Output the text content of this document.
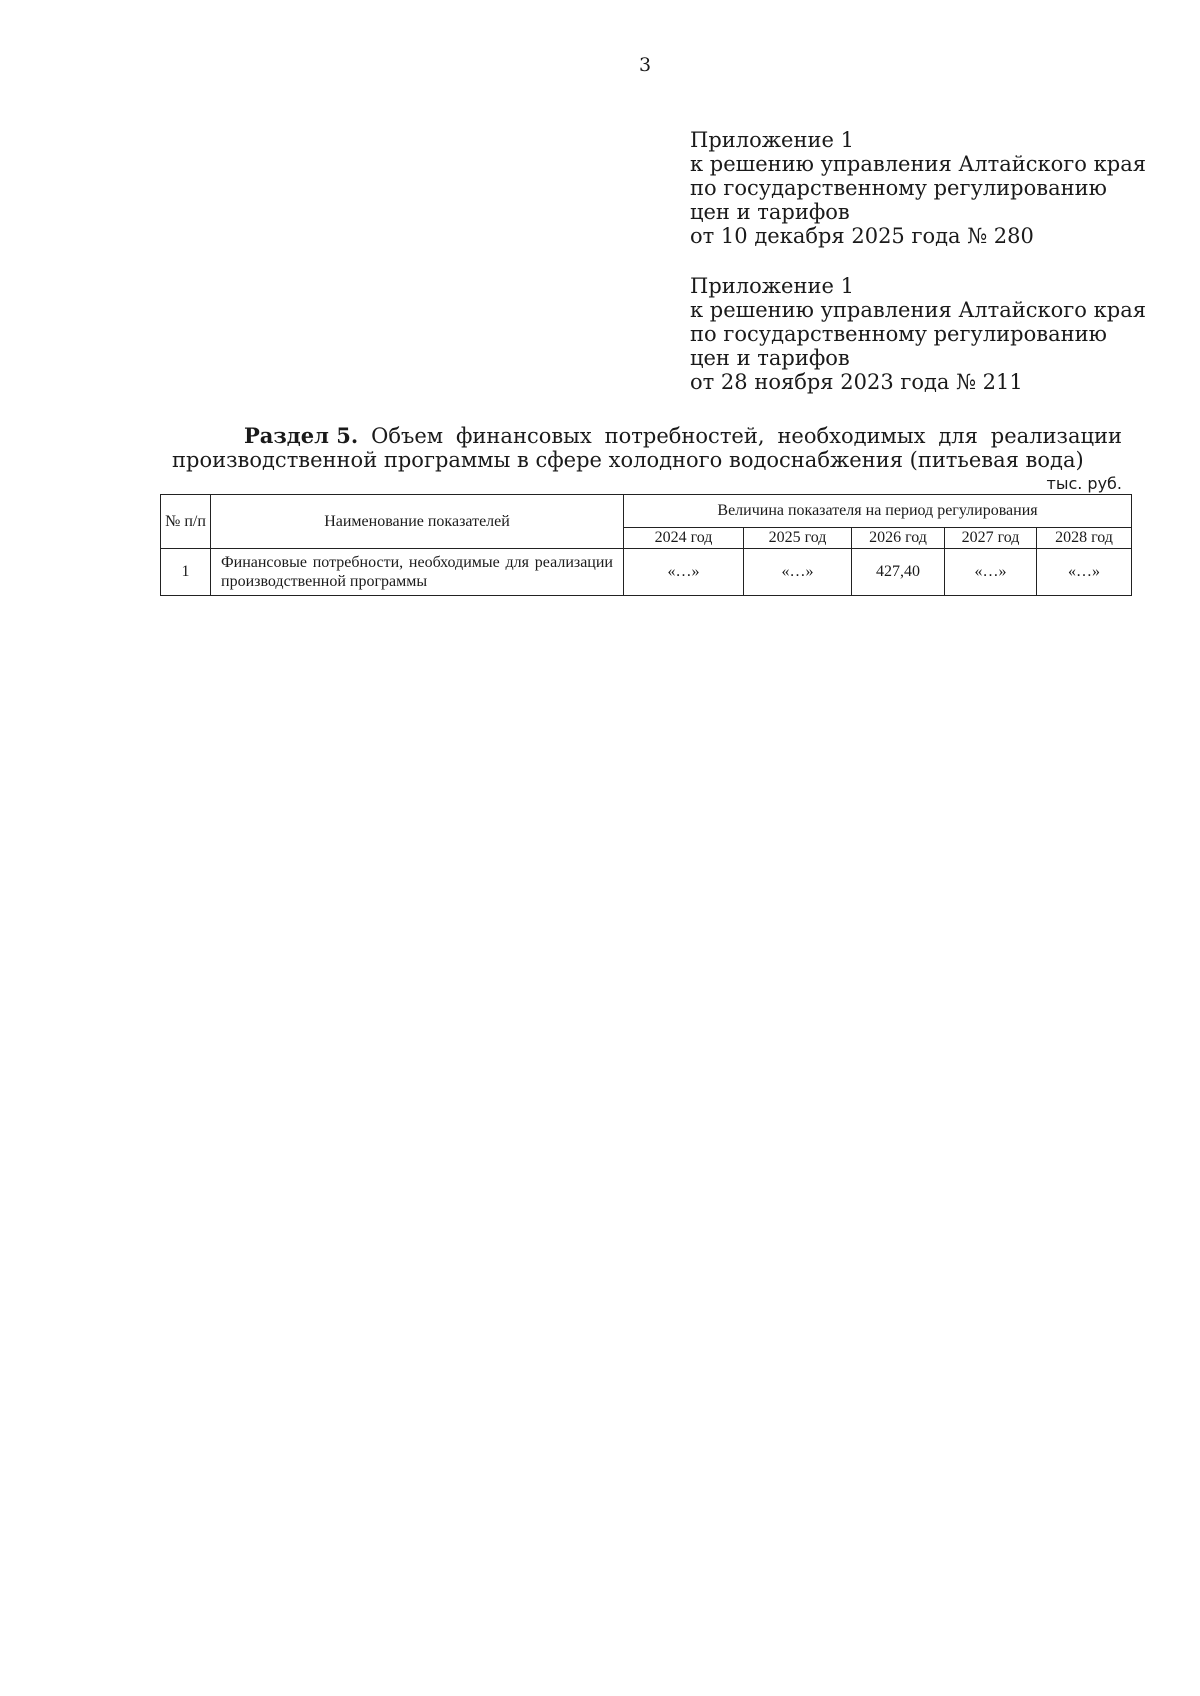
3
Приложение 1
к решению управления Алтайского края
по государственному регулированию
цен и тарифов
от 10 декабря 2025 года № 280
Приложение 1
к решению управления Алтайского края
по государственному регулированию
цен и тарифов
от 28 ноября 2023 года № 211
Раздел 5. Объем финансовых потребностей, необходимых для реализации
производственной программы в сфере холодного водоснабжения (питьевая вода)
тыс. руб.
№ п/п	Наименование показателей	Величина показателя на период регулирования				
		2024 год	2025 год	2026 год	2027 год	2028 год
1	Финансовые потребности, необходимые для реализации производственной программы	«…»	«…»	427,40	«…»	«…»
